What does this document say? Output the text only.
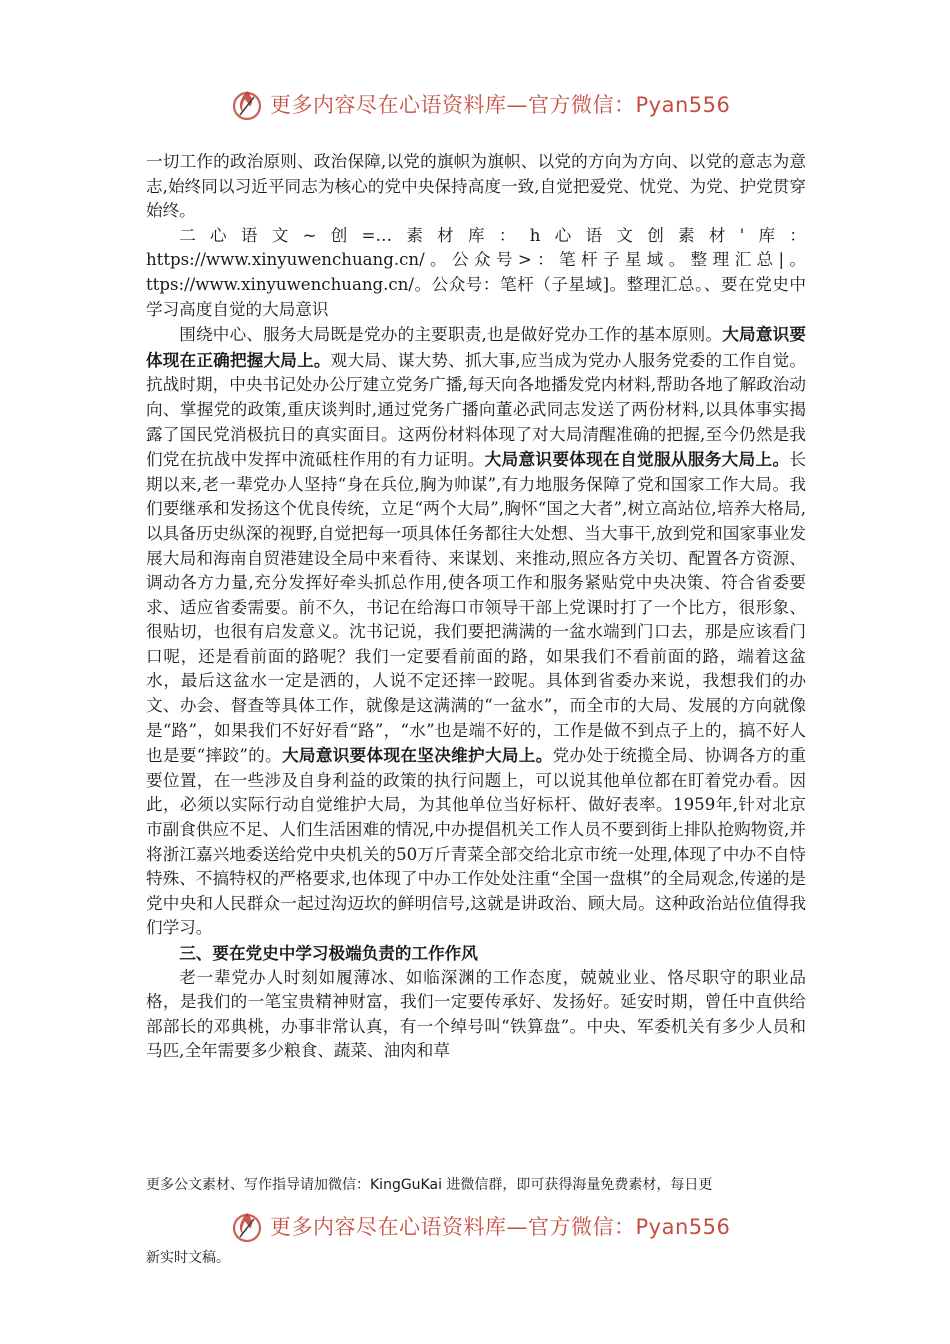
更多内容尽在心语资料库—官方微信：Pyan556

一切工作的政治原则、政治保障,以党的旗帜为旗帜、以党的方向为方向、以党的意志为意志,始终同以习近平同志为核心的党中央保持高度一致,自觉把爱党、忧党、为党、护党贯穿始终。

二心语文~创=…素材库：h心语文创素材'库：https://www.xinyuwenchuang.cn/。公众号>：笔杆子星域。整理汇总|。ttps://www.xinyuwenchuang.cn/。公众号：笔杆（子星域]。整理汇总。、要在党史中学习高度自觉的大局意识

围绕中心、服务大局既是党办的主要职责,也是做好党办工作的基本原则。大局意识要体现在正确把握大局上。观大局、谋大势、抓大事,应当成为党办人服务党委的工作自觉。抗战时期，中央书记处办公厅建立党务广播,每天向各地播发党内材料,帮助各地了解政治动向、掌握党的政策,重庆谈判时,通过党务广播向董必武同志发送了两份材料,以具体事实揭露了国民党消极抗日的真实面目。这两份材料体现了对大局清醒准确的把握,至今仍然是我们党在抗战中发挥中流砥柱作用的有力证明。大局意识要体现在自觉服从服务大局上。长期以来,老一辈党办人坚持“身在兵位,胸为帅谋”,有力地服务保障了党和国家工作大局。我们要继承和发扬这个优良传统，立足“两个大局”,胸怀“国之大者”,树立高站位,培养大格局,以具备历史纵深的视野,自觉把每一项具体任务都往大处想、当大事干,放到党和国家事业发展大局和海南自贸港建设全局中来看待、来谋划、来推动,照应各方关切、配置各方资源、调动各方力量,充分发挥好牵头抓总作用,使各项工作和服务紧贴党中央决策、符合省委要求、适应省委需要。前不久，书记在给海口市领导干部上党课时打了一个比方，很形象、很贴切，也很有启发意义。沈书记说，我们要把满满的一盆水端到门口去，那是应该看门口呢，还是看前面的路呢？我们一定要看前面的路，如果我们不看前面的路，端着这盆水，最后这盆水一定是洒的，人说不定还摔一跤呢。具体到省委办来说，我想我们的办文、办会、督查等具体工作，就像是这满满的“一盆水”，而全市的大局、发展的方向就像是“路”，如果我们不好好看“路”，“水”也是端不好的，工作是做不到点子上的，搞不好人也是要“摔跤”的。大局意识要体现在坚决维护大局上。党办处于统揽全局、协调各方的重要位置，在一些涉及自身利益的政策的执行问题上，可以说其他单位都在盯着党办看。因此，必须以实际行动自觉维护大局，为其他单位当好标杆、做好表率。1959年,针对北京市副食供应不足、人们生活困难的情况,中办提倡机关工作人员不要到街上排队抢购物资,并将浙江嘉兴地委送给党中央机关的50万斤青菜全部交给北京市统一处理,体现了中办不自恃特殊、不搞特权的严格要求,也体现了中办工作处处注重“全国一盘棋”的全局观念,传递的是党中央和人民群众一起过沟迈坎的鲜明信号,这就是讲政治、顾大局。这种政治站位值得我们学习。

三、要在党史中学习极端负责的工作作风

老一辈党办人时刻如履薄冰、如临深渊的工作态度，兢兢业业、恪尽职守的职业品格，是我们的一笔宝贵精神财富，我们一定要传承好、发扬好。延安时期，曾任中直供给部部长的邓典桃，办事非常认真，有一个绰号叫“铁算盘”。中央、军委机关有多少人员和马匹,全年需要多少粮食、蔬菜、油肉和草

更多公文素材、写作指导请加微信：KingGuKai 进微信群，即可获得海量免费素材，每日更
更多内容尽在心语资料库—官方微信：Pyan556
新实时文稿。
